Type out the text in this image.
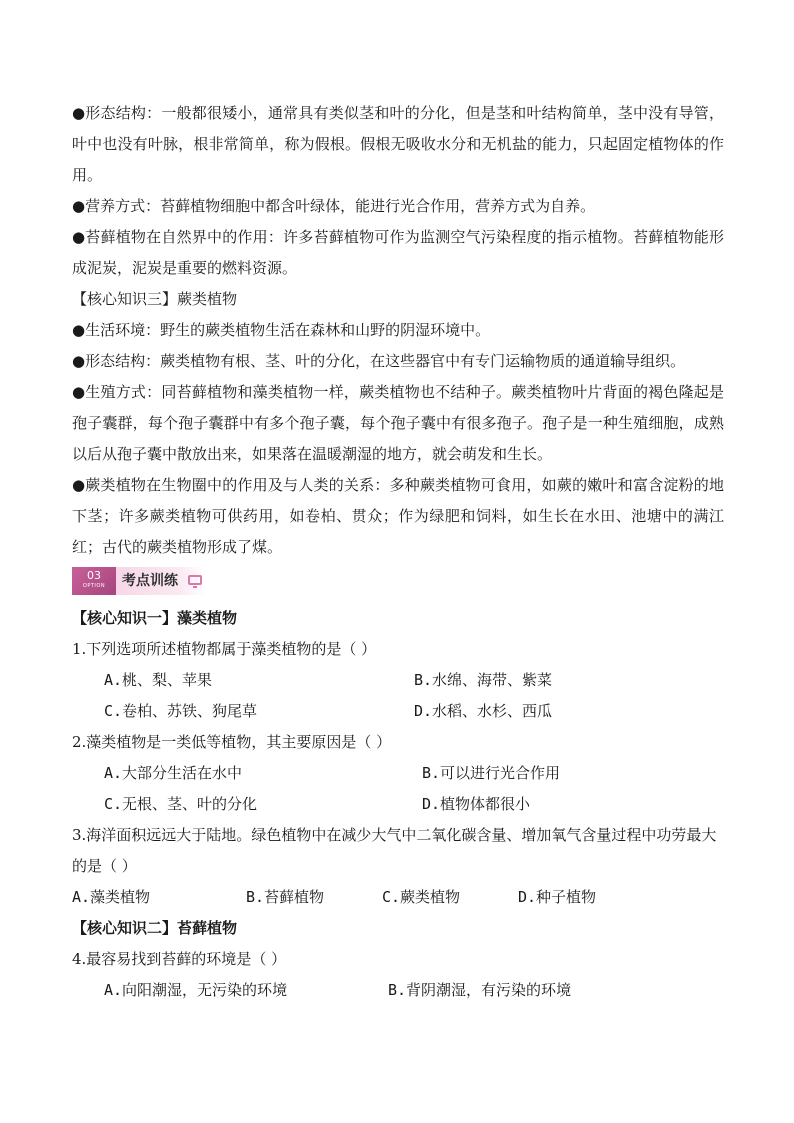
●形态结构：一般都很矮小，通常具有类似茎和叶的分化，但是茎和叶结构简单，茎中没有导管，叶中也没有叶脉，根非常简单，称为假根。假根无吸收水分和无机盐的能力，只起固定植物体的作用。

●营养方式：苔藓植物细胞中都含叶绿体，能进行光合作用，营养方式为自养。

●苔藓植物在自然界中的作用：许多苔藓植物可作为监测空气污染程度的指示植物。苔藓植物能形成泥炭，泥炭是重要的燃料资源。

【核心知识三】蕨类植物

●生活环境：野生的蕨类植物生活在森林和山野的阴湿环境中。

●形态结构：蕨类植物有根、茎、叶的分化，在这些器官中有专门运输物质的通道输导组织。

●生殖方式：同苔藓植物和藻类植物一样，蕨类植物也不结种子。蕨类植物叶片背面的褐色隆起是孢子囊群，每个孢子囊群中有多个孢子囊，每个孢子囊中有很多孢子。孢子是一种生殖细胞，成熟以后从孢子囊中散放出来，如果落在温暖潮湿的地方，就会萌发和生长。

●蕨类植物在生物圈中的作用及与人类的关系：多种蕨类植物可食用，如蕨的嫩叶和富含淀粉的地下茎；许多蕨类植物可供药用，如卷柏、贯众；作为绿肥和饲料，如生长在水田、池塘中的满江红；古代的蕨类植物形成了煤。

03
OPTION	考点训练

【核心知识一】藻类植物

1.下列选项所述植物都属于藻类植物的是（ ）

A.桃、梨、苹果	B.水绵、海带、紫菜
C.卷柏、苏铁、狗尾草	D.水稻、水杉、西瓜

2.藻类植物是一类低等植物，其主要原因是（ ）

A.大部分生活在水中	B.可以进行光合作用
C.无根、茎、叶的分化	D.植物体都很小

3.海洋面积远远大于陆地。绿色植物中在减少大气中二氧化碳含量、增加氧气含量过程中功劳最大的是（ ）

A.藻类植物	B.苔藓植物	C.蕨类植物	D.种子植物

【核心知识二】苔藓植物

4.最容易找到苔藓的环境是（ ）

A.向阳潮湿，无污染的环境	B.背阴潮湿，有污染的环境
